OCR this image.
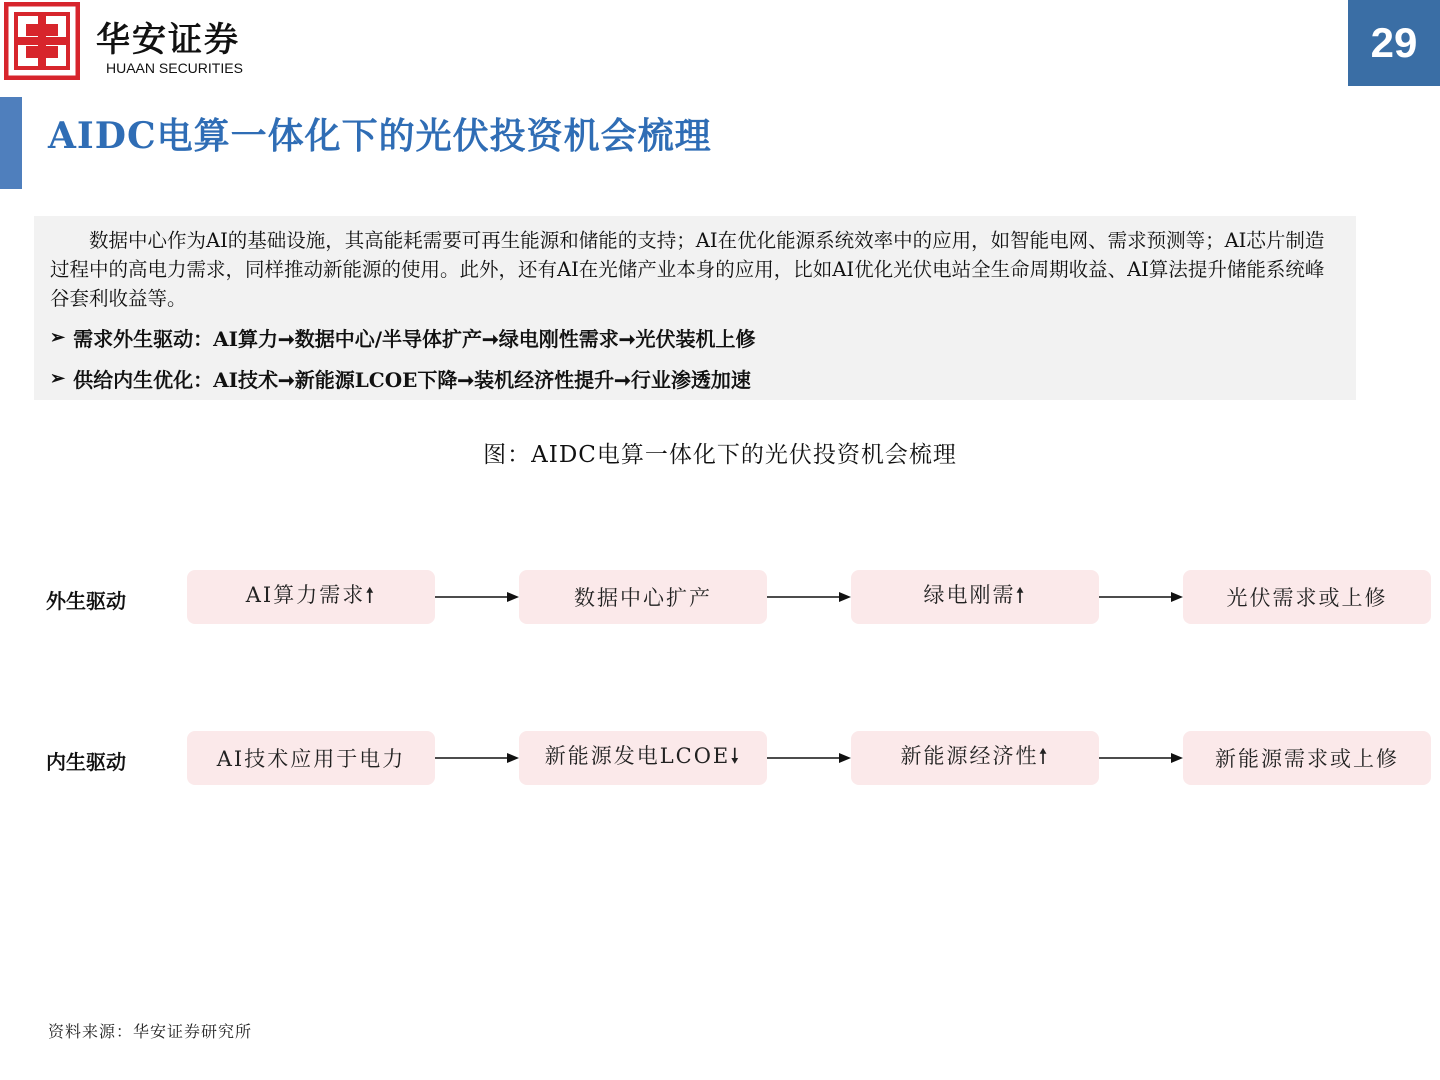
华安证券
HUAAN SECURITIES
29
AIDC电算一体化下的光伏投资机会梳理

数据中心作为AI的基础设施，其高能耗需要可再生能源和储能的支持；AI在优化能源系统效率中的应用，如智能电网、需求预测等；AI芯片制造过程中的高电力需求，同样推动新能源的使用。此外，还有AI在光储产业本身的应用，比如AI优化光伏电站全生命周期收益、AI算法提升储能系统峰谷套利收益等。

➢ 需求外生驱动：AI算力➞数据中心/半导体扩产➞绿电刚性需求➞光伏装机上修
➢ 供给内生优化：AI技术➞新能源LCOE下降➞装机经济性提升➞行业渗透加速
图：AIDC电算一体化下的光伏投资机会梳理
外生驱动	AI算力需求🠕	数据中心扩产	绿电刚需🠕	光伏需求或上修
内生驱动	AI技术应用于电力	新能源发电LCOE🠗	新能源经济性🠕	新能源需求或上修
资料来源：华安证券研究所
